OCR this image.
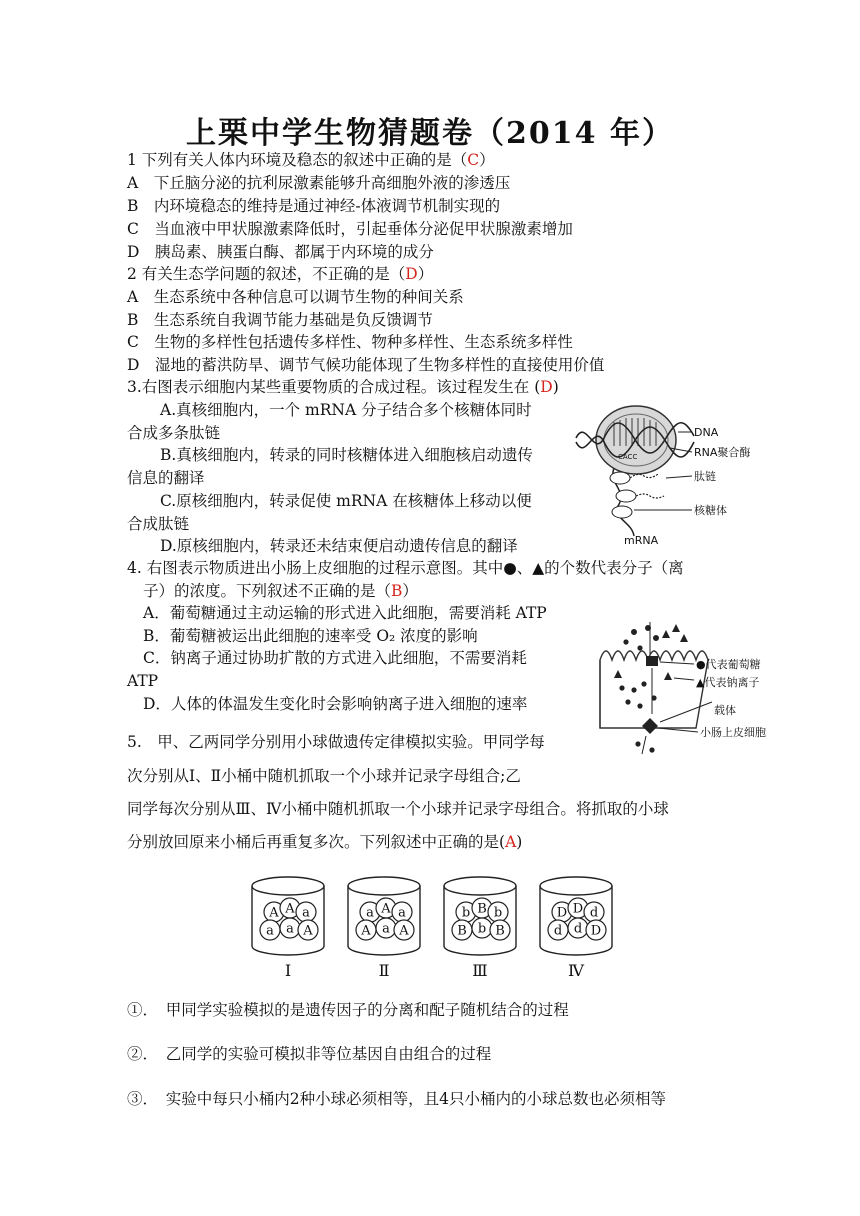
上栗中学生物猜题卷（2014 年）
1 下列有关人体内环境及稳态的叙述中正确的是（C）
A　下丘脑分泌的抗利尿激素能够升高细胞外液的渗透压
B　内环境稳态的维持是通过神经-体液调节机制实现的
C　当血液中甲状腺激素降低时，引起垂体分泌促甲状腺激素增加
D　胰岛素、胰蛋白酶、都属于内环境的成分
2 有关生态学问题的叙述，不正确的是（D）
A　生态系统中各种信息可以调节生物的种间关系
B　生态系统自我调节能力基础是负反馈调节
C　生物的多样性包括遗传多样性、物种多样性、生态系统多样性
D　湿地的蓄洪防旱、调节气候功能体现了生物多样性的直接使用价值
3.右图表示细胞内某些重要物质的合成过程。该过程发生在 (D)
A.真核细胞内，一个 mRNA 分子结合多个核糖体同时
合成多条肽链
B.真核细胞内，转录的同时核糖体进入细胞核启动遗传
信息的翻译
C.原核细胞内，转录促使 mRNA 在核糖体上移动以便
合成肽链
D.原核细胞内，转录还未结束便启动遗传信息的翻译
CACC
DNA
RNA聚合酶
肽链
核糖体
mRNA
4. 右图表示物质进出小肠上皮细胞的过程示意图。其中●、▲的个数代表分子（离
子）的浓度。下列叙述不正确的是（B）
A．葡萄糖通过主动运输的形式进入此细胞，需要消耗 ATP
B．葡萄糖被运出此细胞的速率受 O₂ 浓度的影响
C．钠离子通过协助扩散的方式进入此细胞，不需要消耗
ATP
D．人体的体温发生变化时会影响钠离子进入细胞的速率
●代表葡萄糖
▲代表钠离子
载体
小肠上皮细胞
5.　甲、乙两同学分别用小球做遗传定律模拟实验。甲同学每
次分别从Ⅰ、Ⅱ小桶中随机抓取一个小球并记录字母组合;乙
同学每次分别从Ⅲ、Ⅳ小桶中随机抓取一个小球并记录字母组合。将抓取的小球
分别放回原来小桶后再重复多次。下列叙述中正确的是(A)
A A a
a a A
Ⅰ
a A a
A a A
Ⅱ
b B b
B b B
Ⅲ
D D d
d d D
Ⅳ
①．　甲同学实验模拟的是遗传因子的分离和配子随机结合的过程
②．　乙同学的实验可模拟非等位基因自由组合的过程
③．　实验中每只小桶内2种小球必须相等，且4只小桶内的小球总数也必须相等
